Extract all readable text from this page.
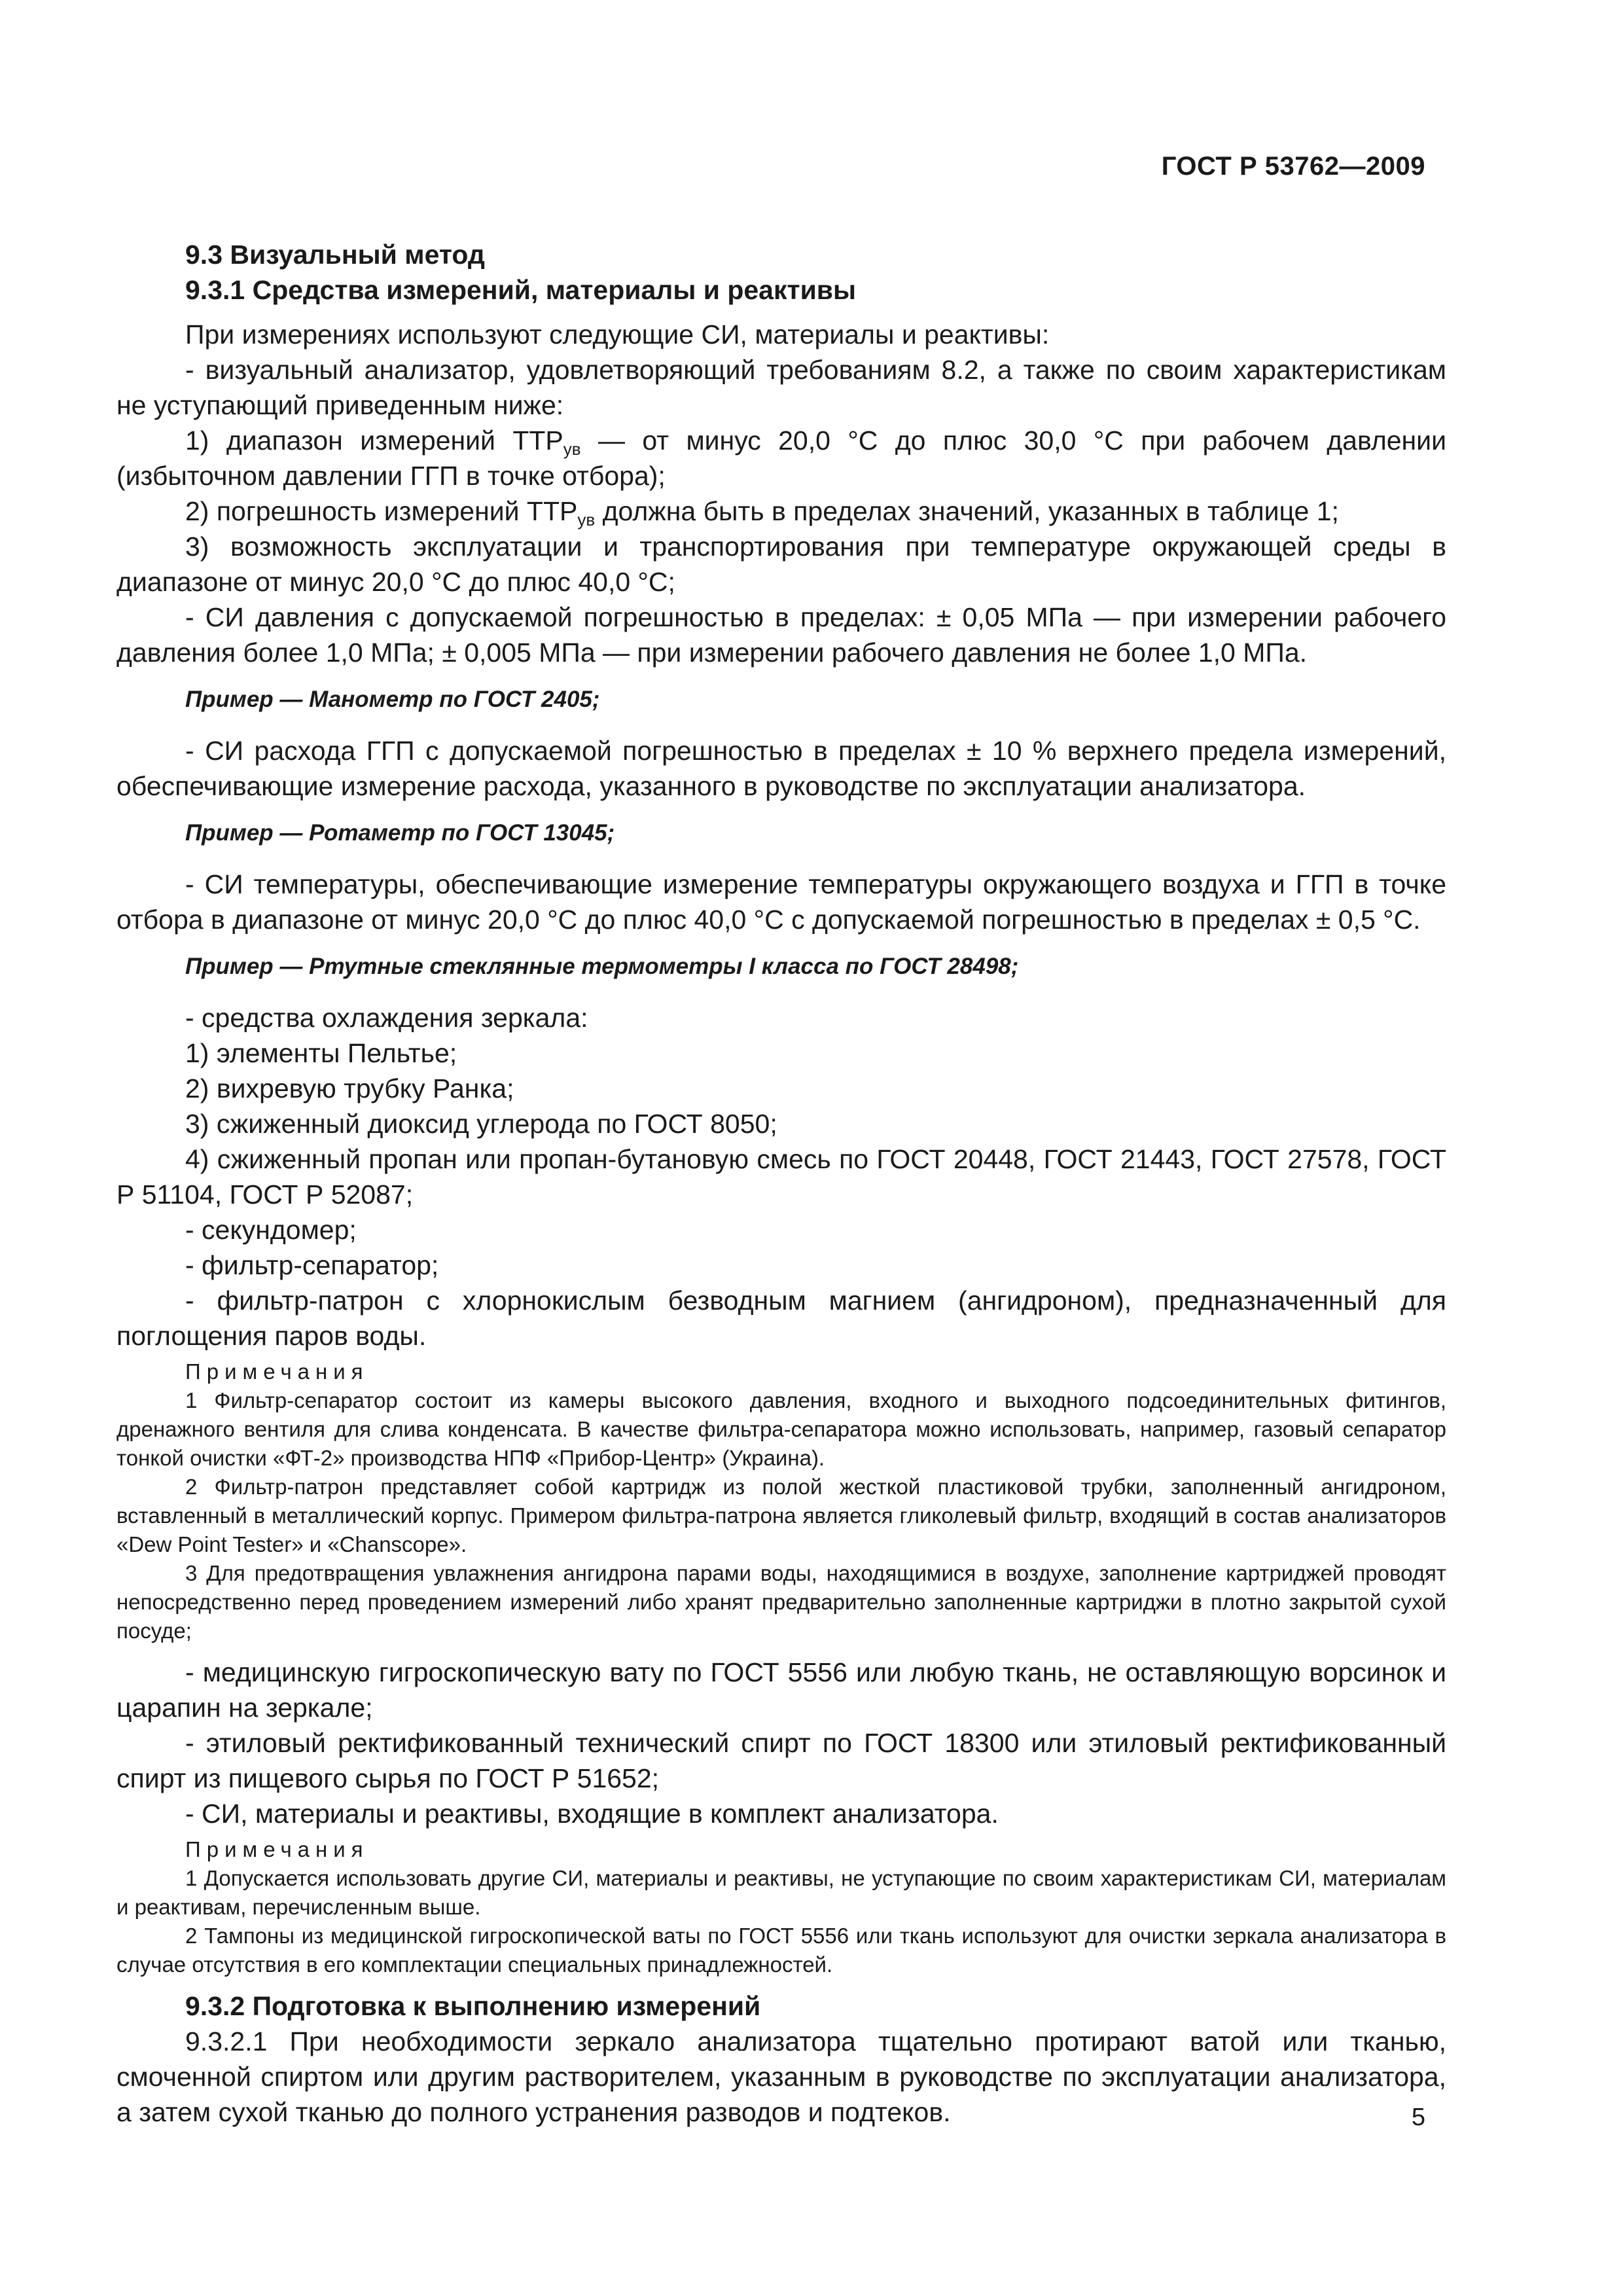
ГОСТ Р 53762—2009

9.3 Визуальный метод

9.3.1 Средства измерений, материалы и реактивы

При измерениях используют следующие СИ, материалы и реактивы:

- визуальный анализатор, удовлетворяющий требованиям 8.2, а также по своим характеристикам не уступающий приведенным ниже:

1) диапазон измерений $ТТР_{ув}$ — от минус 20,0 °C до плюс 30,0 °C при рабочем давлении (избыточном давлении ГГП в точке отбора);

2) погрешность измерений $ТТР_{ув}$ должна быть в пределах значений, указанных в таблице 1;

3) возможность эксплуатации и транспортирования при температуре окружающей среды в диапазоне от минус 20,0 °C до плюс 40,0 °C;

- СИ давления с допускаемой погрешностью в пределах: ± 0,05 МПа — при измерении рабочего давления более 1,0 МПа; ± 0,005 МПа — при измерении рабочего давления не более 1,0 МПа.

Пример — Манометр по ГОСТ 2405;

- СИ расхода ГГП с допускаемой погрешностью в пределах ± 10 % верхнего предела измерений, обеспечивающие измерение расхода, указанного в руководстве по эксплуатации анализатора.

Пример — Ротаметр по ГОСТ 13045;

- СИ температуры, обеспечивающие измерение температуры окружающего воздуха и ГГП в точке отбора в диапазоне от минус 20,0 °C до плюс 40,0 °C с допускаемой погрешностью в пределах ± 0,5 °C.

Пример — Ртутные стеклянные термометры I класса по ГОСТ 28498;

- средства охлаждения зеркала:

1) элементы Пельтье;

2) вихревую трубку Ранка;

3) сжиженный диоксид углерода по ГОСТ 8050;

4) сжиженный пропан или пропан-бутановую смесь по ГОСТ 20448, ГОСТ 21443, ГОСТ 27578, ГОСТ Р 51104, ГОСТ Р 52087;

- секундомер;

- фильтр-сепаратор;

- фильтр-патрон с хлорнокислым безводным магнием (ангидроном), предназначенный для поглощения паров воды.

Примечания

1 Фильтр-сепаратор состоит из камеры высокого давления, входного и выходного подсоединительных фитингов, дренажного вентиля для слива конденсата. В качестве фильтра-сепаратора можно использовать, например, газовый сепаратор тонкой очистки «ФТ-2» производства НПФ «Прибор-Центр» (Украина).

2 Фильтр-патрон представляет собой картридж из полой жесткой пластиковой трубки, заполненный ангидроном, вставленный в металлический корпус. Примером фильтра-патрона является гликолевый фильтр, входящий в состав анализаторов «Dew Point Tester» и «Chanscope».

3 Для предотвращения увлажнения ангидрона парами воды, находящимися в воздухе, заполнение картриджей проводят непосредственно перед проведением измерений либо хранят предварительно заполненные картриджи в плотно закрытой сухой посуде;

- медицинскую гигроскопическую вату по ГОСТ 5556 или любую ткань, не оставляющую ворсинок и царапин на зеркале;

- этиловый ректификованный технический спирт по ГОСТ 18300 или этиловый ректификованный спирт из пищевого сырья по ГОСТ Р 51652;

- СИ, материалы и реактивы, входящие в комплект анализатора.

Примечания

1 Допускается использовать другие СИ, материалы и реактивы, не уступающие по своим характеристикам СИ, материалам и реактивам, перечисленным выше.

2 Тампоны из медицинской гигроскопической ваты по ГОСТ 5556 или ткань используют для очистки зеркала анализатора в случае отсутствия в его комплектации специальных принадлежностей.

9.3.2 Подготовка к выполнению измерений

9.3.2.1 При необходимости зеркало анализатора тщательно протирают ватой или тканью, смоченной спиртом или другим растворителем, указанным в руководстве по эксплуатации анализатора, а затем сухой тканью до полного устранения разводов и подтеков.	5
